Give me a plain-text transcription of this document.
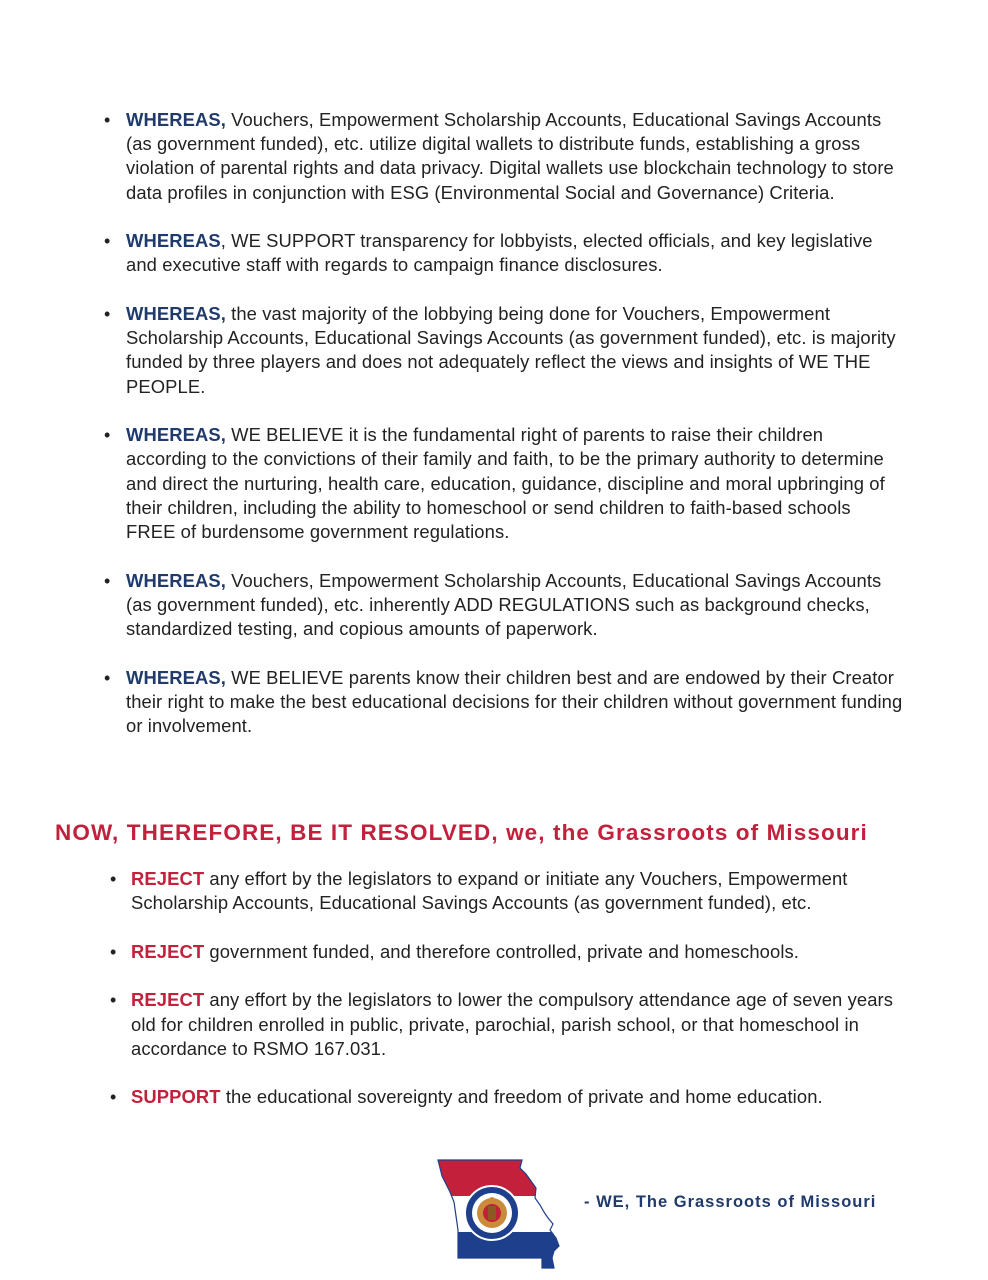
• WHEREAS, Vouchers, Empowerment Scholarship Accounts, Educational Savings Accounts (as government funded), etc. utilize digital wallets to distribute funds, establishing a gross violation of parental rights and data privacy. Digital wallets use blockchain technology to store data profiles in conjunction with ESG (Environmental Social and Governance) Criteria.
• WHEREAS, WE SUPPORT transparency for lobbyists, elected officials, and key legislative and executive staff with regards to campaign finance disclosures.
• WHEREAS, the vast majority of the lobbying being done for Vouchers, Empowerment Scholarship Accounts, Educational Savings Accounts (as government funded), etc. is majority funded by three players and does not adequately reflect the views and insights of WE THE PEOPLE.
• WHEREAS, WE BELIEVE it is the fundamental right of parents to raise their children according to the convictions of their family and faith, to be the primary authority to determine and direct the nurturing, health care, education, guidance, discipline and moral upbringing of their children, including the ability to homeschool or send children to faith-based schools FREE of burdensome government regulations.
• WHEREAS, Vouchers, Empowerment Scholarship Accounts, Educational Savings Accounts (as government funded), etc. inherently ADD REGULATIONS such as background checks, standardized testing, and copious amounts of paperwork.
• WHEREAS, WE BELIEVE parents know their children best and are endowed by their Creator their right to make the best educational decisions for their children without government funding or involvement.
NOW, THEREFORE, BE IT RESOLVED, we, the Grassroots of Missouri
• REJECT any effort by the legislators to expand or initiate any Vouchers, Empowerment Scholarship Accounts, Educational Savings Accounts (as government funded), etc.
• REJECT government funded, and therefore controlled, private and homeschools.
• REJECT any effort by the legislators to lower the compulsory attendance age of seven years old for children enrolled in public, private, parochial, parish school, or that homeschool in accordance to RSMO 167.031.
• SUPPORT the educational sovereignty and freedom of private and home education.
- WE, The Grassroots of Missouri
